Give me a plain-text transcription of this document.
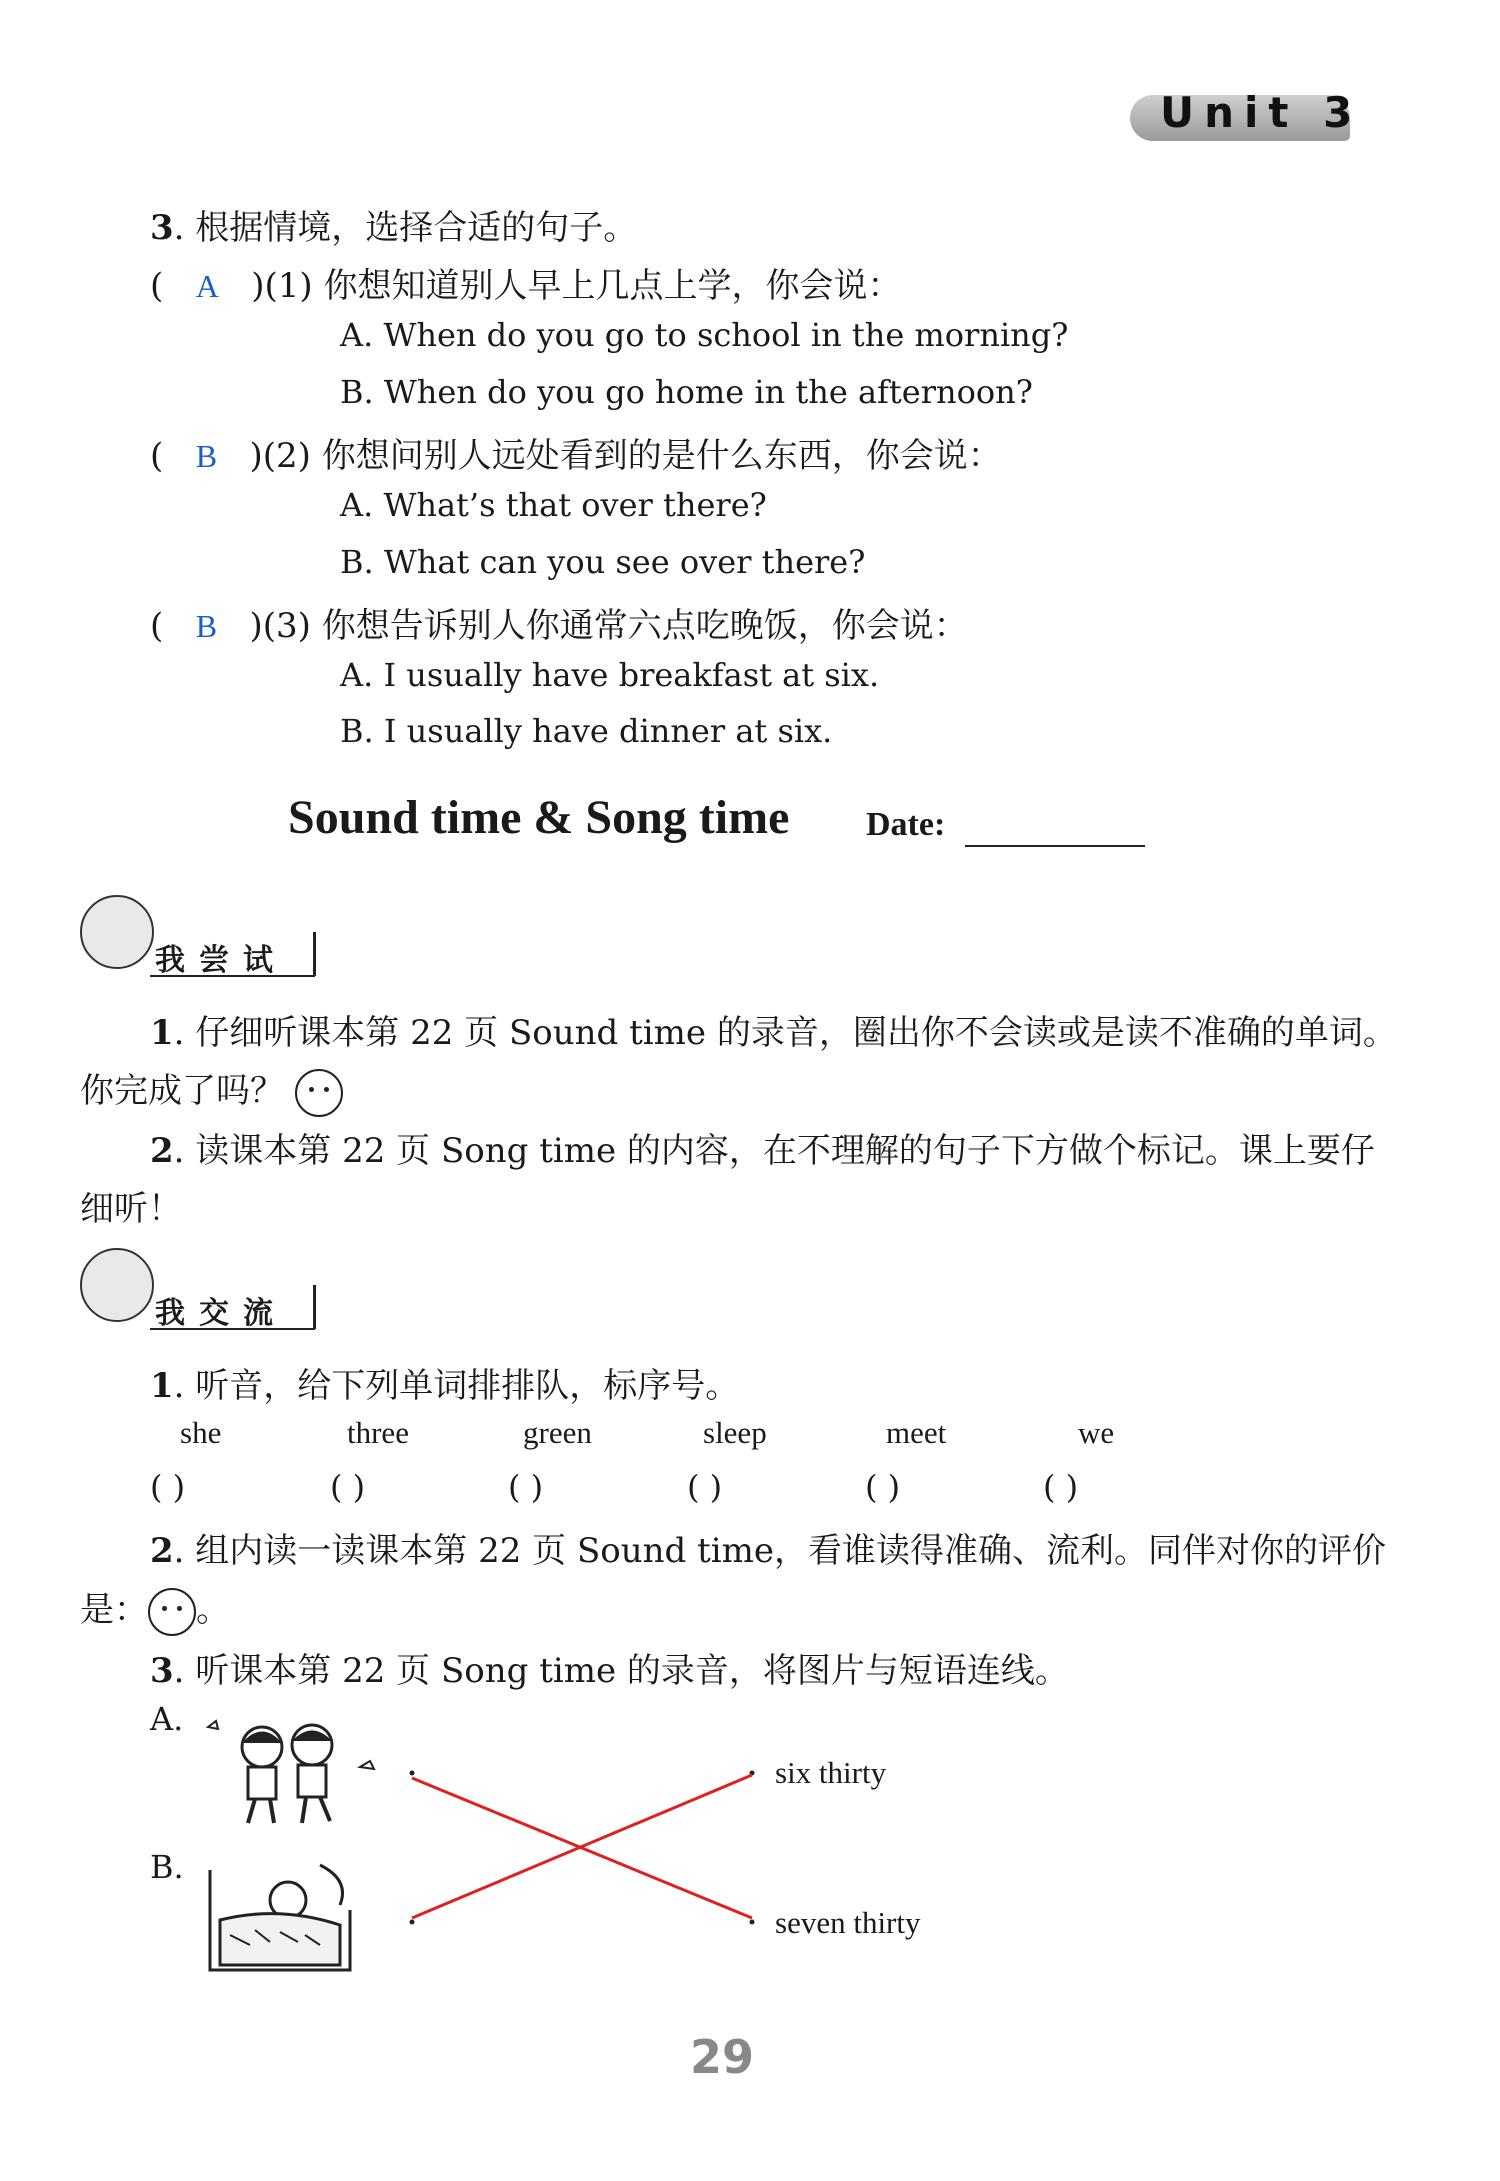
Unit 3
3. 根据情境，选择合适的句子。
(   A   )(1) 你想知道别人早上几点上学，你会说：
A. When do you go to school in the morning?
B. When do you go home in the afternoon?
(   B   )(2) 你想问别人远处看到的是什么东西，你会说：
A. What’s that over there?
B. What can you see over there?
(   B   )(3) 你想告诉别人你通常六点吃晚饭，你会说：
A. I usually have breakfast at six.
B. I usually have dinner at six.
Sound time & Song time Date:
我尝试
1. 仔细听课本第 22 页 Sound time 的录音，圈出你不会读或是读不准确的单词。
你完成了吗？
2. 读课本第 22 页 Song time 的内容，在不理解的句子下方做个标记。课上要仔
细听！
我交流
1. 听音，给下列单词排排队，标序号。
she	three	green	sleep	meet	we
( )	( )	( )	( )	( )	( )
2. 组内读一读课本第 22 页 Sound time，看谁读得准确、流利。同伴对你的评价
是： 。
3. 听课本第 22 页 Song time 的录音，将图片与短语连线。
A.
B.
six thirty
seven thirty
29
